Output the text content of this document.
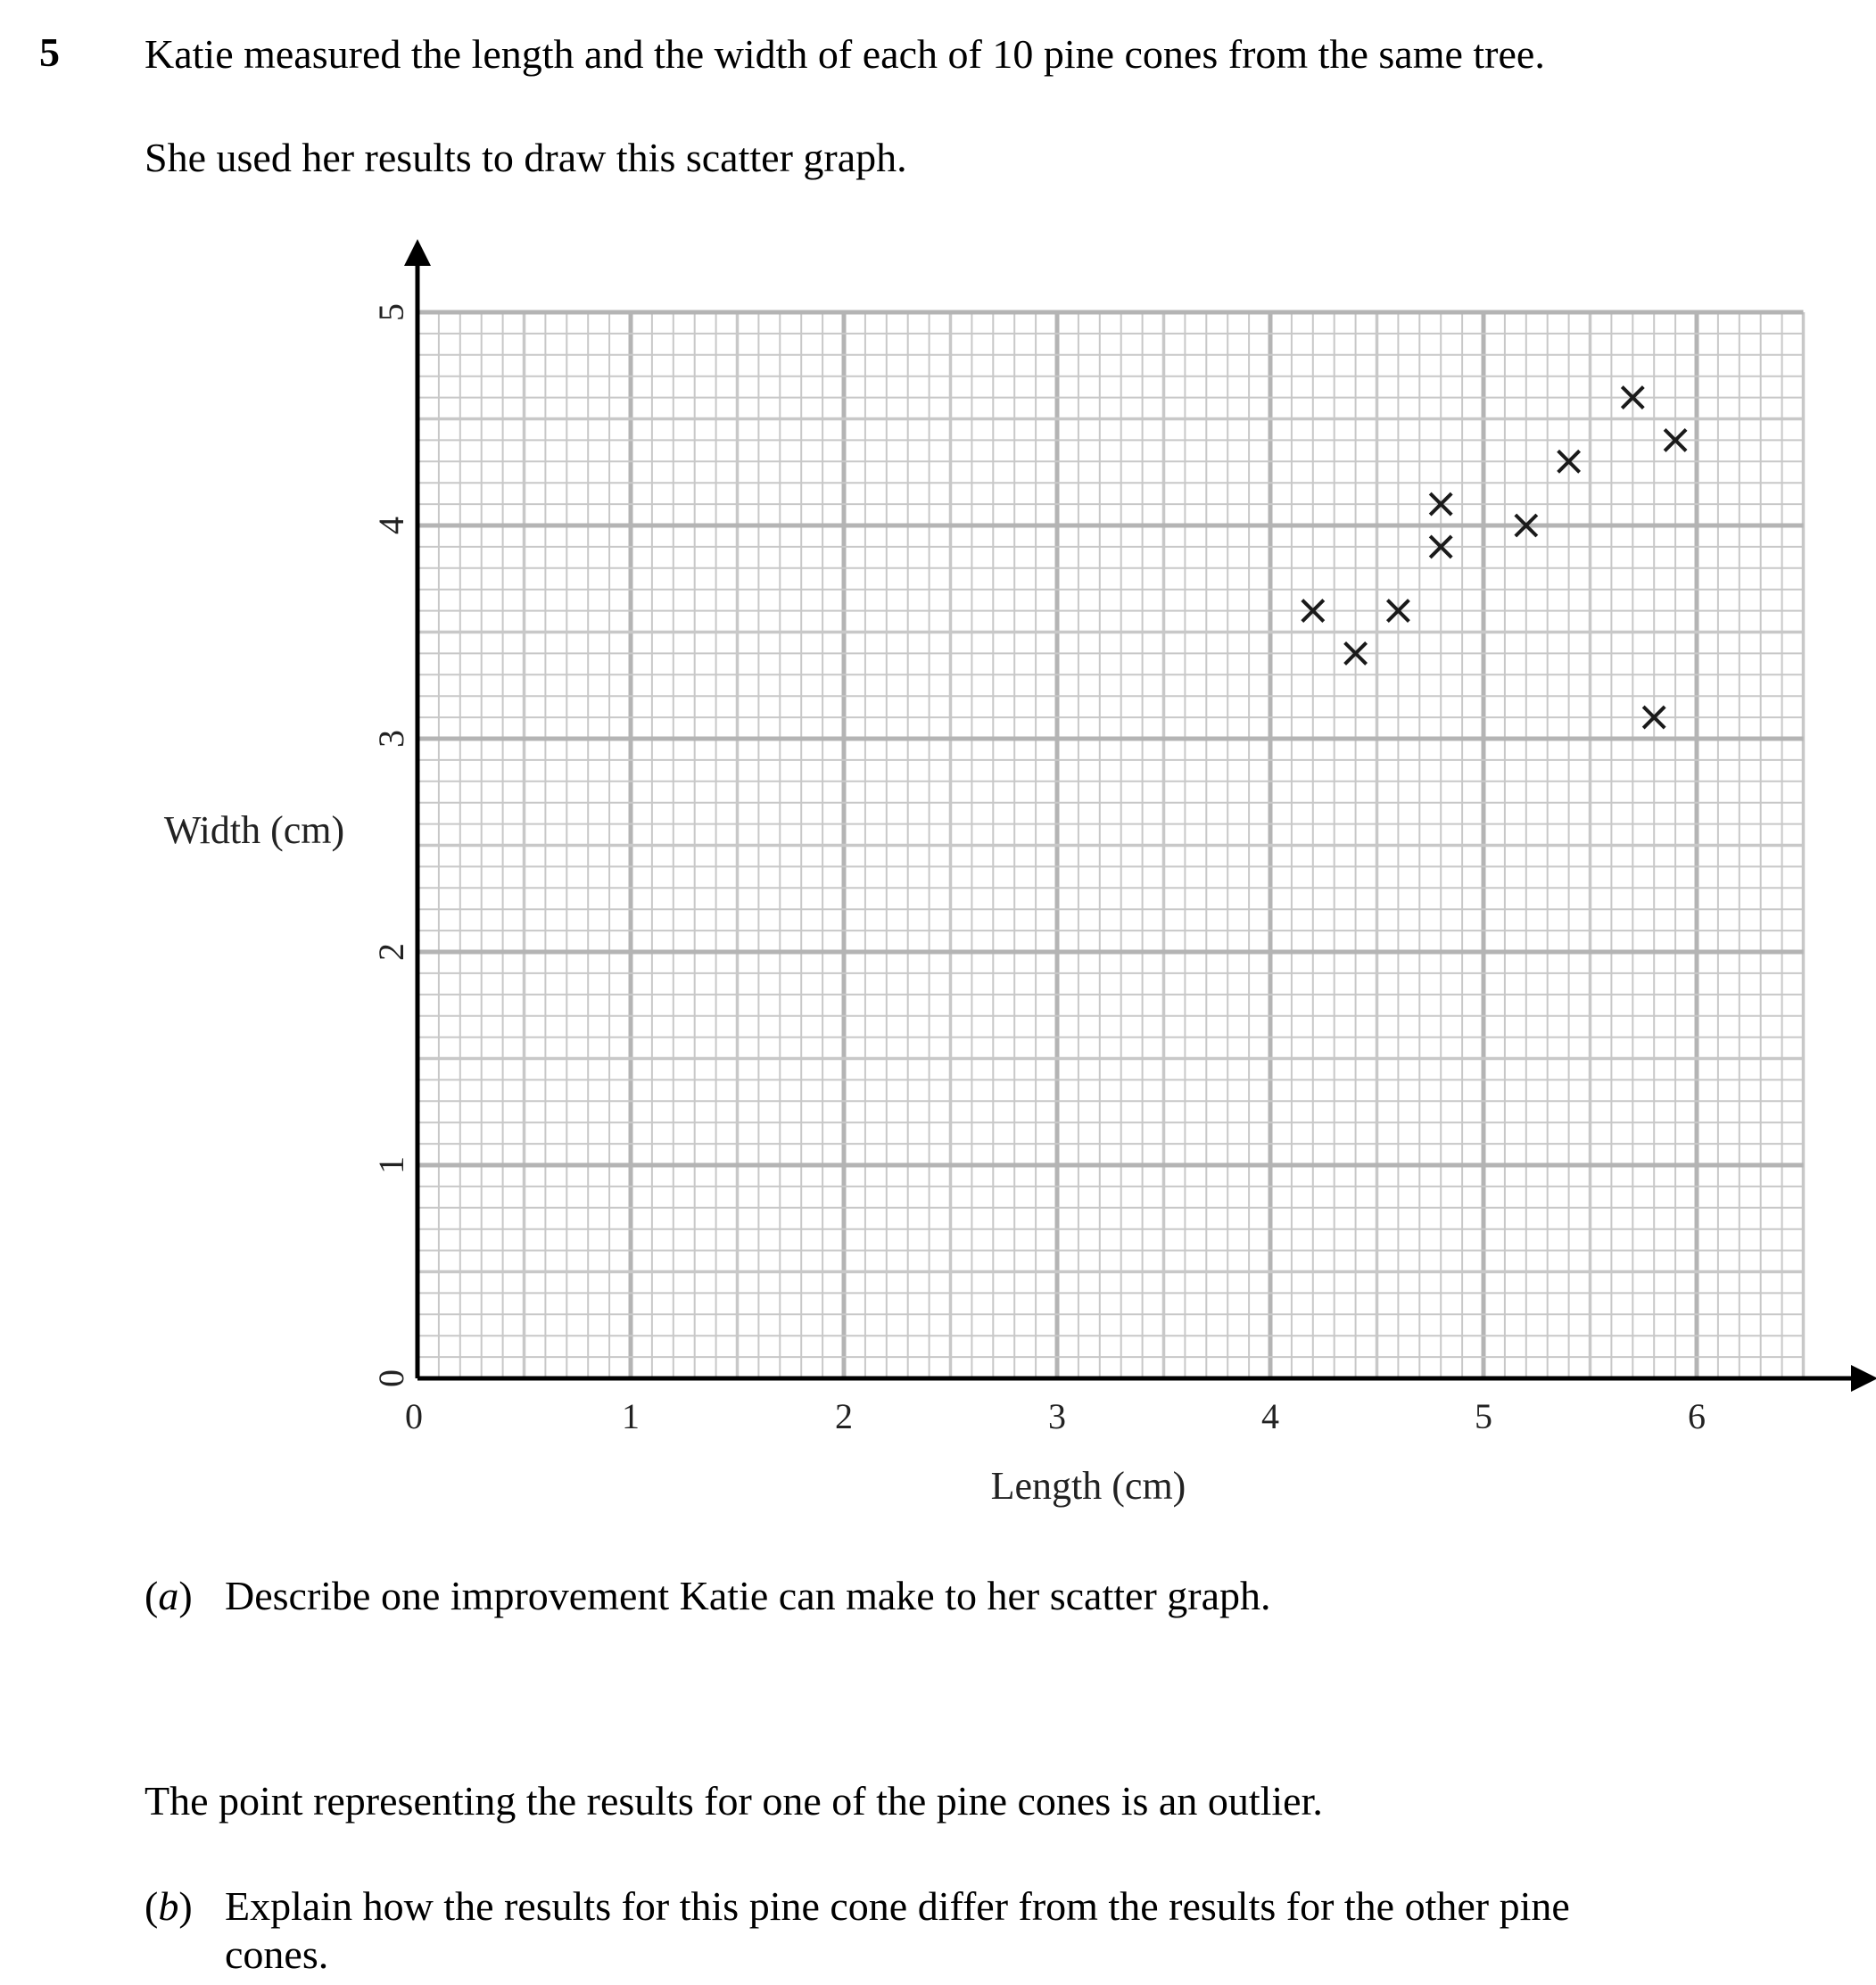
5 Katie measured the length and the width of each of 10 pine cones from the same tree.
She used her results to draw this scatter graph.
0	1	2	3	4	5	6
0
1
2
3
4
5
Length (cm)
Width (cm)
(a) Describe one improvement Katie can make to her scatter graph.
The point representing the results for one of the pine cones is an outlier.
(b) Explain how the results for this pine cone differ from the results for the other pine
cones.
